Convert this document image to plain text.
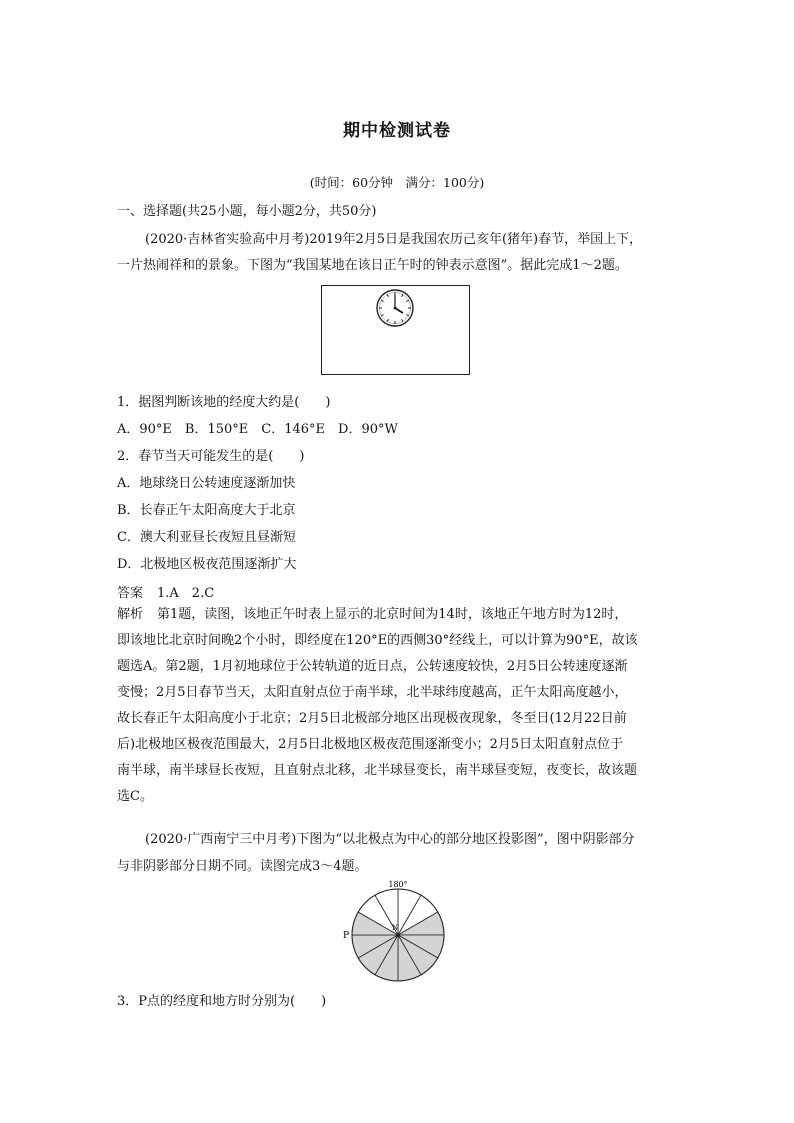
期中检测试卷
(时间：60分钟　满分：100分)
一、选择题(共25小题，每小题2分，共50分)
(2020·吉林省实验高中月考)2019年2月5日是我国农历己亥年(猪年)春节，举国上下，
一片热闹祥和的景象。下图为“我国某地在该日正午时的钟表示意图”。据此完成1～2题。
1．据图判断该地的经度大约是(　　)
A．90°E　B．150°E　C．146°E　D．90°W
2．春节当天可能发生的是(　　)
A．地球绕日公转速度逐渐加快
B．长春正午太阳高度大于北京
C．澳大利亚昼长夜短且昼渐短
D．北极地区极夜范围逐渐扩大
答案 1.A　2.C
解析 第1题，读图，该地正午时表上显示的北京时间为14时，该地正午地方时为12时，
即该地比北京时间晚2个小时，即经度在120°E的西侧30°经线上，可以计算为90°E，故该
题选A。第2题，1月初地球位于公转轨道的近日点，公转速度较快，2月5日公转速度逐渐
变慢；2月5日春节当天，太阳直射点位于南半球，北半球纬度越高，正午太阳高度越小，
故长春正午太阳高度小于北京；2月5日北极部分地区出现极夜现象，冬至日(12月22日前
后)北极地区极夜范围最大，2月5日北极地区极夜范围逐渐变小；2月5日太阳直射点位于
南半球，南半球昼长夜短，且直射点北移，北半球昼变长，南半球昼变短，夜变长，故该题
选C。
(2020·广西南宁三中月考)下图为“以北极点为中心的部分地区投影图”，图中阴影部分
与非阴影部分日期不同。读图完成3～4题。
180°
N
P
3．P点的经度和地方时分别为(　　)
